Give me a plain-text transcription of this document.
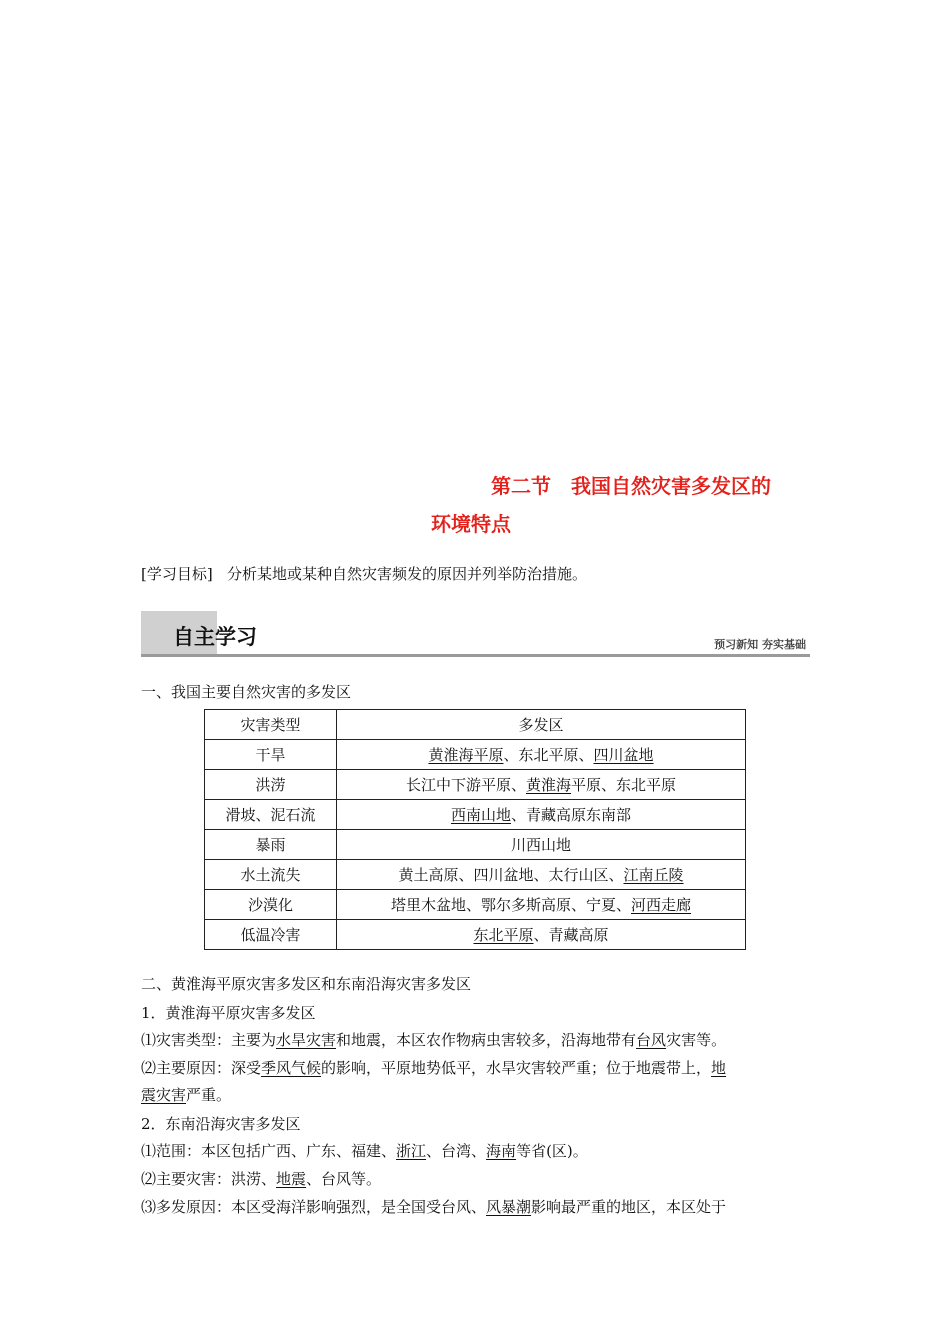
第二节　我国自然灾害多发区的
环境特点
[学习目标] 分析某地或某种自然灾害频发的原因并列举防治措施。
自主学习	预习新知 夯实基础
一、我国主要自然灾害的多发区
灾害类型	多发区
干旱	黄淮海平原、东北平原、四川盆地
洪涝	长江中下游平原、黄淮海平原、东北平原
滑坡、泥石流	西南山地、青藏高原东南部
暴雨	川西山地
水土流失	黄土高原、四川盆地、太行山区、江南丘陵
沙漠化	塔里木盆地、鄂尔多斯高原、宁夏、河西走廊
低温冷害	东北平原、青藏高原
二、黄淮海平原灾害多发区和东南沿海灾害多发区
1．黄淮海平原灾害多发区
⑴灾害类型：主要为水旱灾害和地震，本区农作物病虫害较多，沿海地带有台风灾害等。
⑵主要原因：深受季风气候的影响，平原地势低平，水旱灾害较严重；位于地震带上，地
震灾害严重。
2．东南沿海灾害多发区
⑴范围：本区包括广西、广东、福建、浙江、台湾、海南等省(区)。
⑵主要灾害：洪涝、地震、台风等。
⑶多发原因：本区受海洋影响强烈，是全国受台风、风暴潮影响最严重的地区，本区处于
